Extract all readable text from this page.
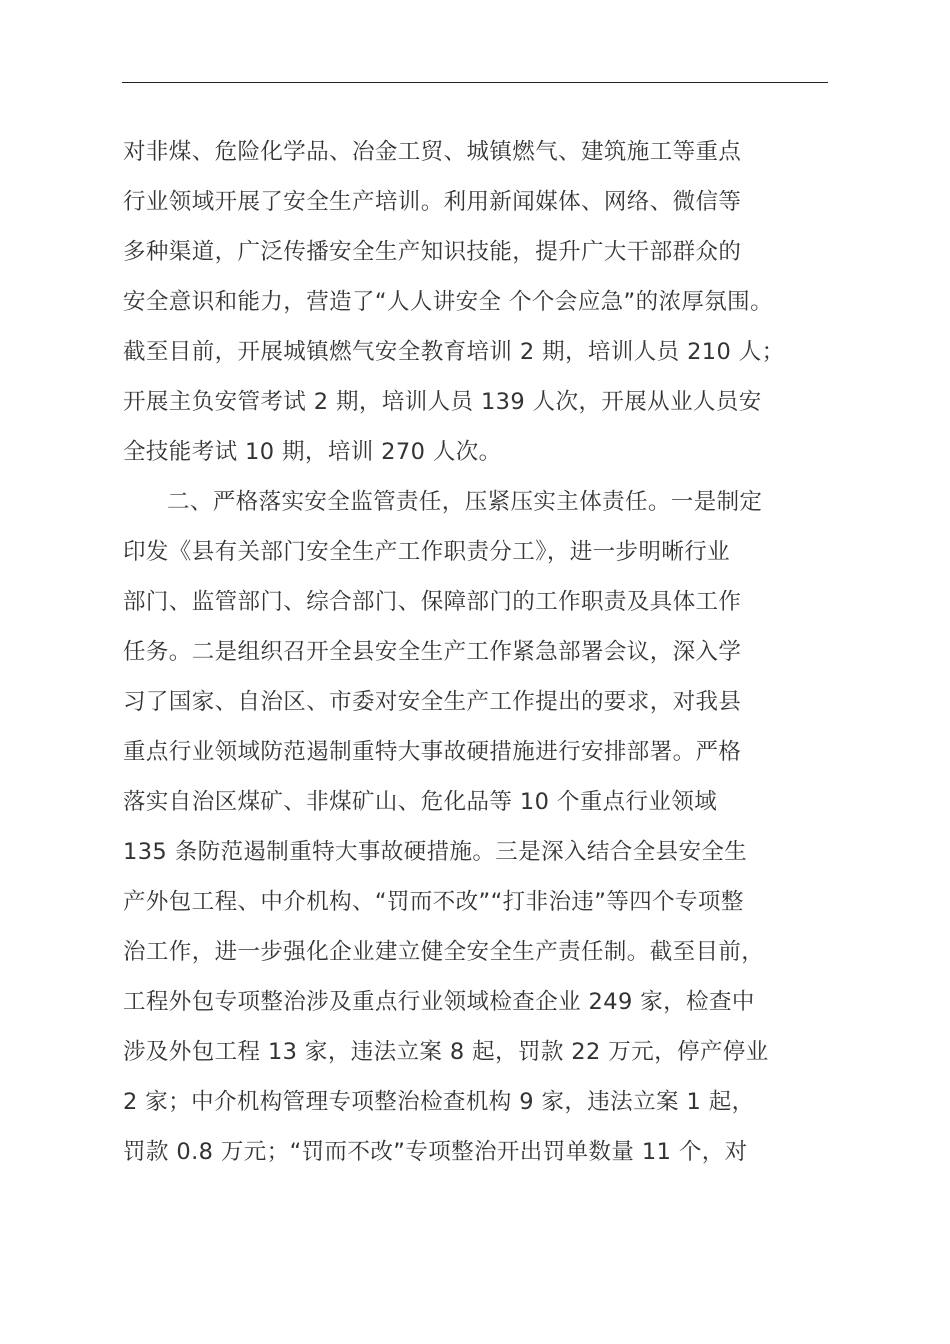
对非煤、危险化学品、冶金工贸、城镇燃气、建筑施工等重点
行业领域开展了安全生产培训。利用新闻媒体、网络、微信等
多种渠道，广泛传播安全生产知识技能，提升广大干部群众的
安全意识和能力，营造了“人人讲安全 个个会应急”的浓厚氛围。
截至目前，开展城镇燃气安全教育培训 2 期，培训人员 210 人；
开展主负安管考试 2 期，培训人员 139 人次，开展从业人员安
全技能考试 10 期，培训 270 人次。
二、严格落实安全监管责任，压紧压实主体责任。一是制定
印发《县有关部门安全生产工作职责分工》，进一步明晰行业
部门、监管部门、综合部门、保障部门的工作职责及具体工作
任务。二是组织召开全县安全生产工作紧急部署会议，深入学
习了国家、自治区、市委对安全生产工作提出的要求，对我县
重点行业领域防范遏制重特大事故硬措施进行安排部署。严格
落实自治区煤矿、非煤矿山、危化品等 10 个重点行业领域
135 条防范遏制重特大事故硬措施。三是深入结合全县安全生
产外包工程、中介机构、“罚而不改”“打非治违”等四个专项整
治工作，进一步强化企业建立健全安全生产责任制。截至目前，
工程外包专项整治涉及重点行业领域检查企业 249 家，检查中
涉及外包工程 13 家，违法立案 8 起，罚款 22 万元，停产停业
2 家；中介机构管理专项整治检查机构 9 家，违法立案 1 起，
罚款 0.8 万元；“罚而不改”专项整治开出罚单数量 11 个，对
